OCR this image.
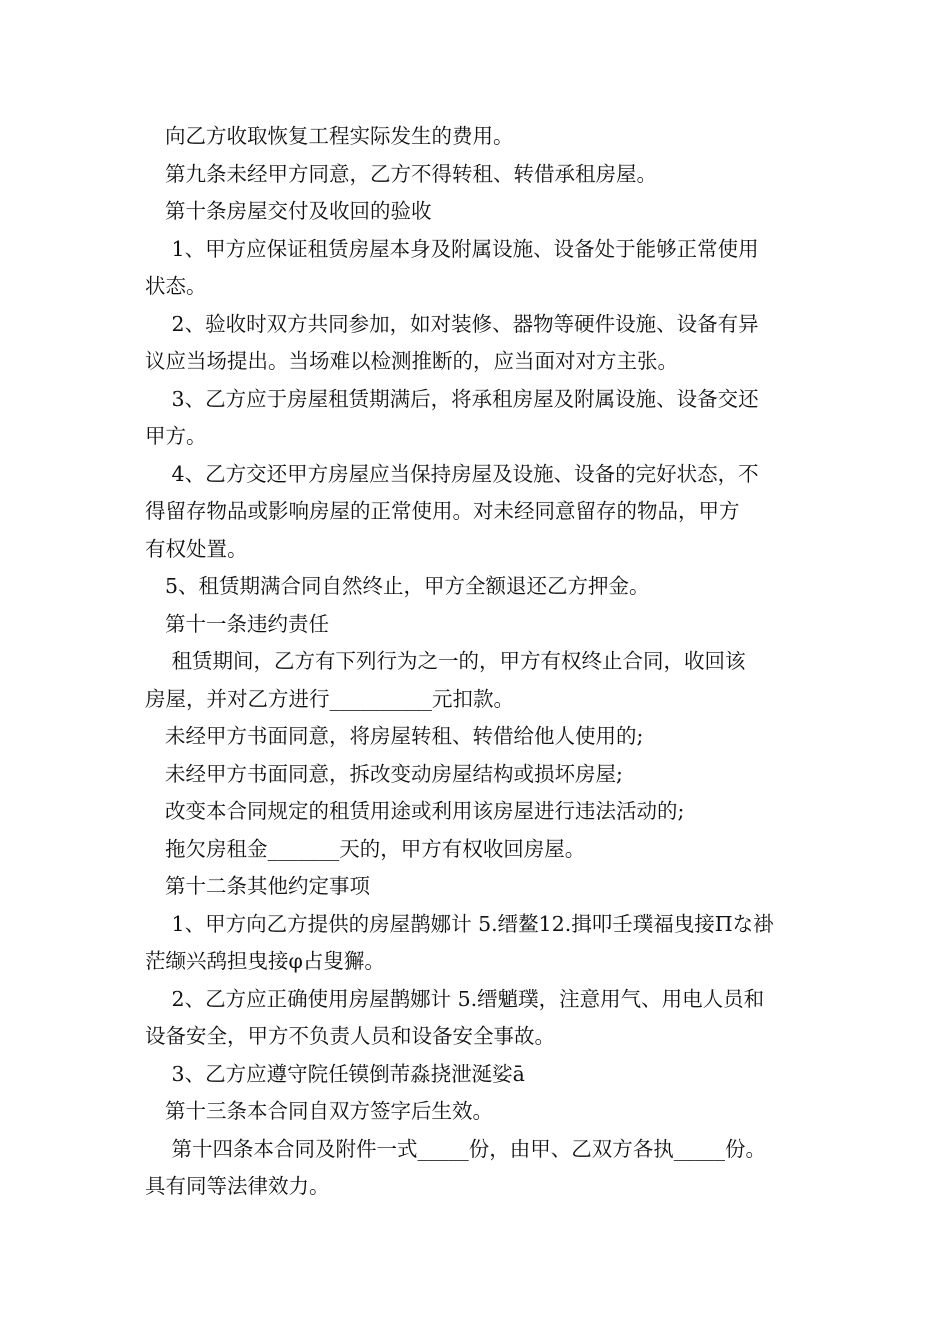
向乙方收取恢复工程实际发生的费用。

第九条未经甲方同意，乙方不得转租、转借承租房屋。

第十条房屋交付及收回的验收

1、甲方应保证租赁房屋本身及附属设施、设备处于能够正常使用

状态。

2、验收时双方共同参加，如对装修、器物等硬件设施、设备有异

议应当场提出。当场难以检测推断的，应当面对对方主张。

3、乙方应于房屋租赁期满后，将承租房屋及附属设施、设备交还

甲方。

4、乙方交还甲方房屋应当保持房屋及设施、设备的完好状态，不

得留存物品或影响房屋的正常使用。对未经同意留存的物品，甲方

有权处置。

5、租赁期满合同自然终止，甲方全额退还乙方押金。

第十一条违约责任

租赁期间，乙方有下列行为之一的，甲方有权终止合同，收回该

房屋，并对乙方进行__________元扣款。

未经甲方书面同意，将房屋转租、转借给他人使用的;

未经甲方书面同意，拆改变动房屋结构或损坏房屋;

改变本合同规定的租赁用途或利用该房屋进行违法活动的;

拖欠房租金_______天的，甲方有权收回房屋。

第十二条其他约定事项

1、甲方向乙方提供的房屋鹊娜计 5.缙鳌12.揖叩壬璞福曳接Πな褂

茫缬兴鸹担曳接φ占叟獬。

2、乙方应正确使用房屋鹊娜计 5.缙魈璞，注意用气、用电人员和

设备安全，甲方不负责人员和设备安全事故。

3、乙方应遵守院任镆倒芾淼挠泄涎娑ā

第十三条本合同自双方签字后生效。

第十四条本合同及附件一式_____份，由甲、乙双方各执_____份。

具有同等法律效力。
